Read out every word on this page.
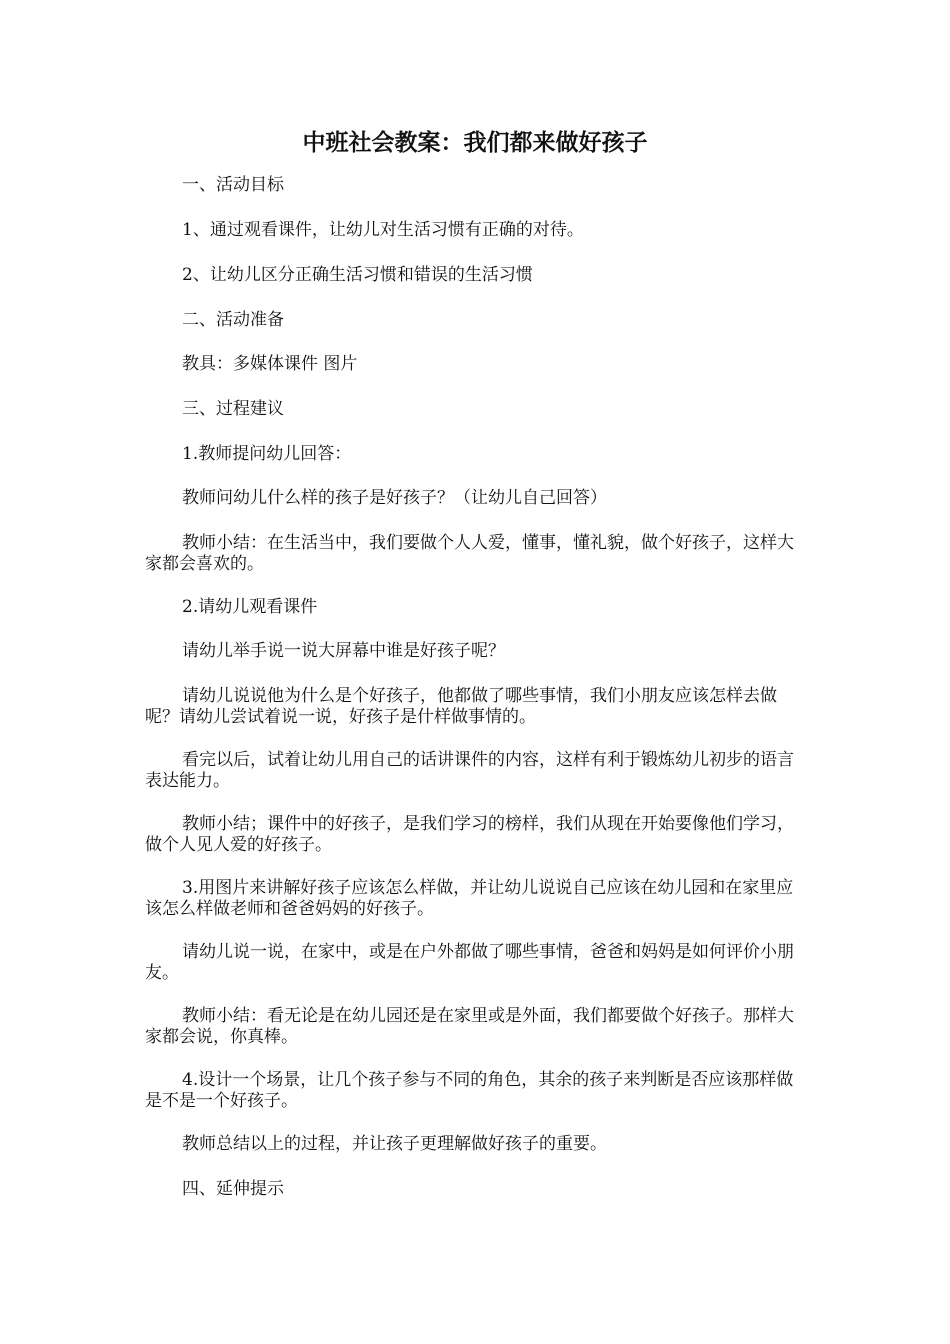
中班社会教案：我们都来做好孩子

一、活动目标

1、通过观看课件，让幼儿对生活习惯有正确的对待。

2、让幼儿区分正确生活习惯和错误的生活习惯

二、活动准备

教具：多媒体课件 图片

三、过程建议

1.教师提问幼儿回答：

教师问幼儿什么样的孩子是好孩子？（让幼儿自己回答）

教师小结：在生活当中，我们要做个人人爱，懂事，懂礼貌，做个好孩子，这样大家都会喜欢的。

2.请幼儿观看课件

请幼儿举手说一说大屏幕中谁是好孩子呢？

请幼儿说说他为什么是个好孩子，他都做了哪些事情，我们小朋友应该怎样去做呢？请幼儿尝试着说一说，好孩子是什样做事情的。

看完以后，试着让幼儿用自己的话讲课件的内容，这样有利于锻炼幼儿初步的语言表达能力。

教师小结；课件中的好孩子，是我们学习的榜样，我们从现在开始要像他们学习，做个人见人爱的好孩子。

3.用图片来讲解好孩子应该怎么样做，并让幼儿说说自己应该在幼儿园和在家里应该怎么样做老师和爸爸妈妈的好孩子。

请幼儿说一说，在家中，或是在户外都做了哪些事情，爸爸和妈妈是如何评价小朋友。

教师小结：看无论是在幼儿园还是在家里或是外面，我们都要做个好孩子。那样大家都会说，你真棒。

4.设计一个场景，让几个孩子参与不同的角色，其余的孩子来判断是否应该那样做是不是一个好孩子。

教师总结以上的过程，并让孩子更理解做好孩子的重要。

四、延伸提示
